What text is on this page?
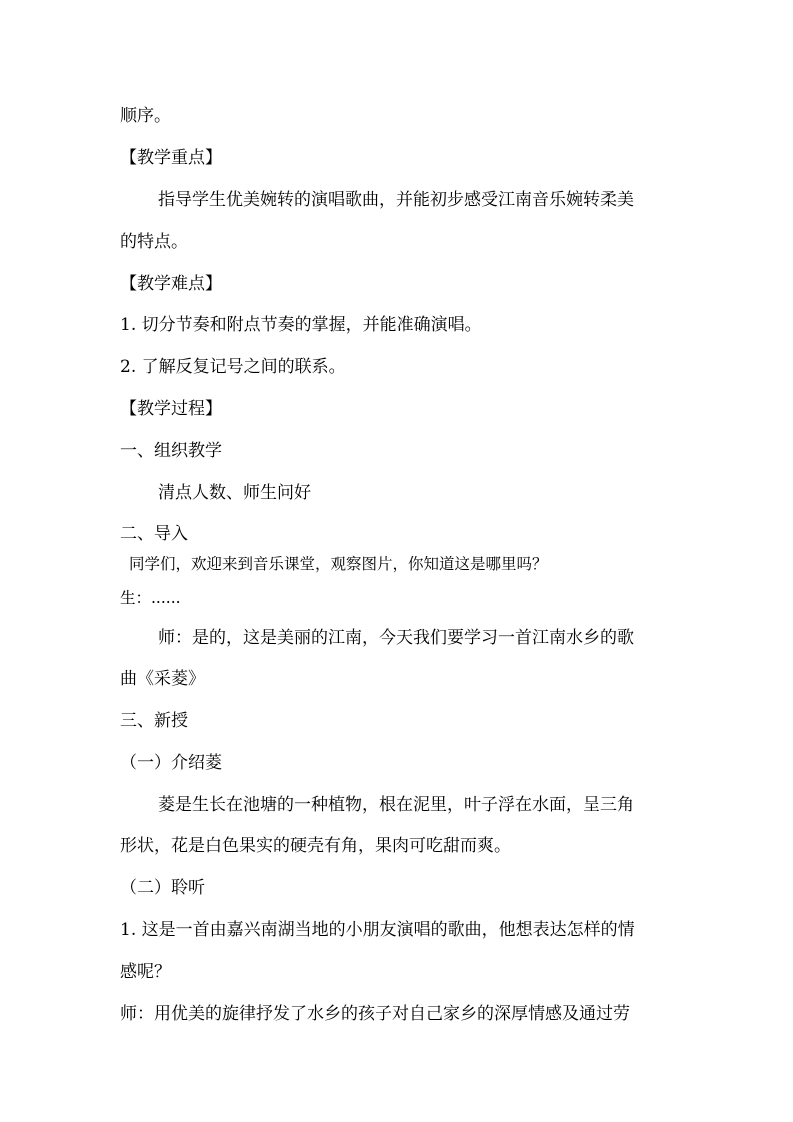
顺序。
【教学重点】
指导学生优美婉转的演唱歌曲，并能初步感受江南音乐婉转柔美
的特点。
【教学难点】
1. 切分节奏和附点节奏的掌握，并能准确演唱。
2. 了解反复记号之间的联系。
【教学过程】
一、组织教学
清点人数、师生问好
二、导入
同学们，欢迎来到音乐课堂，观察图片，你知道这是哪里吗？
生：......
师：是的，这是美丽的江南，今天我们要学习一首江南水乡的歌
曲《采菱》
三、新授
（一）介绍菱
菱是生长在池塘的一种植物，根在泥里，叶子浮在水面，呈三角
形状，花是白色果实的硬壳有角，果肉可吃甜而爽。
（二）聆听
1. 这是一首由嘉兴南湖当地的小朋友演唱的歌曲，他想表达怎样的情
感呢？
师：用优美的旋律抒发了水乡的孩子对自己家乡的深厚情感及通过劳
